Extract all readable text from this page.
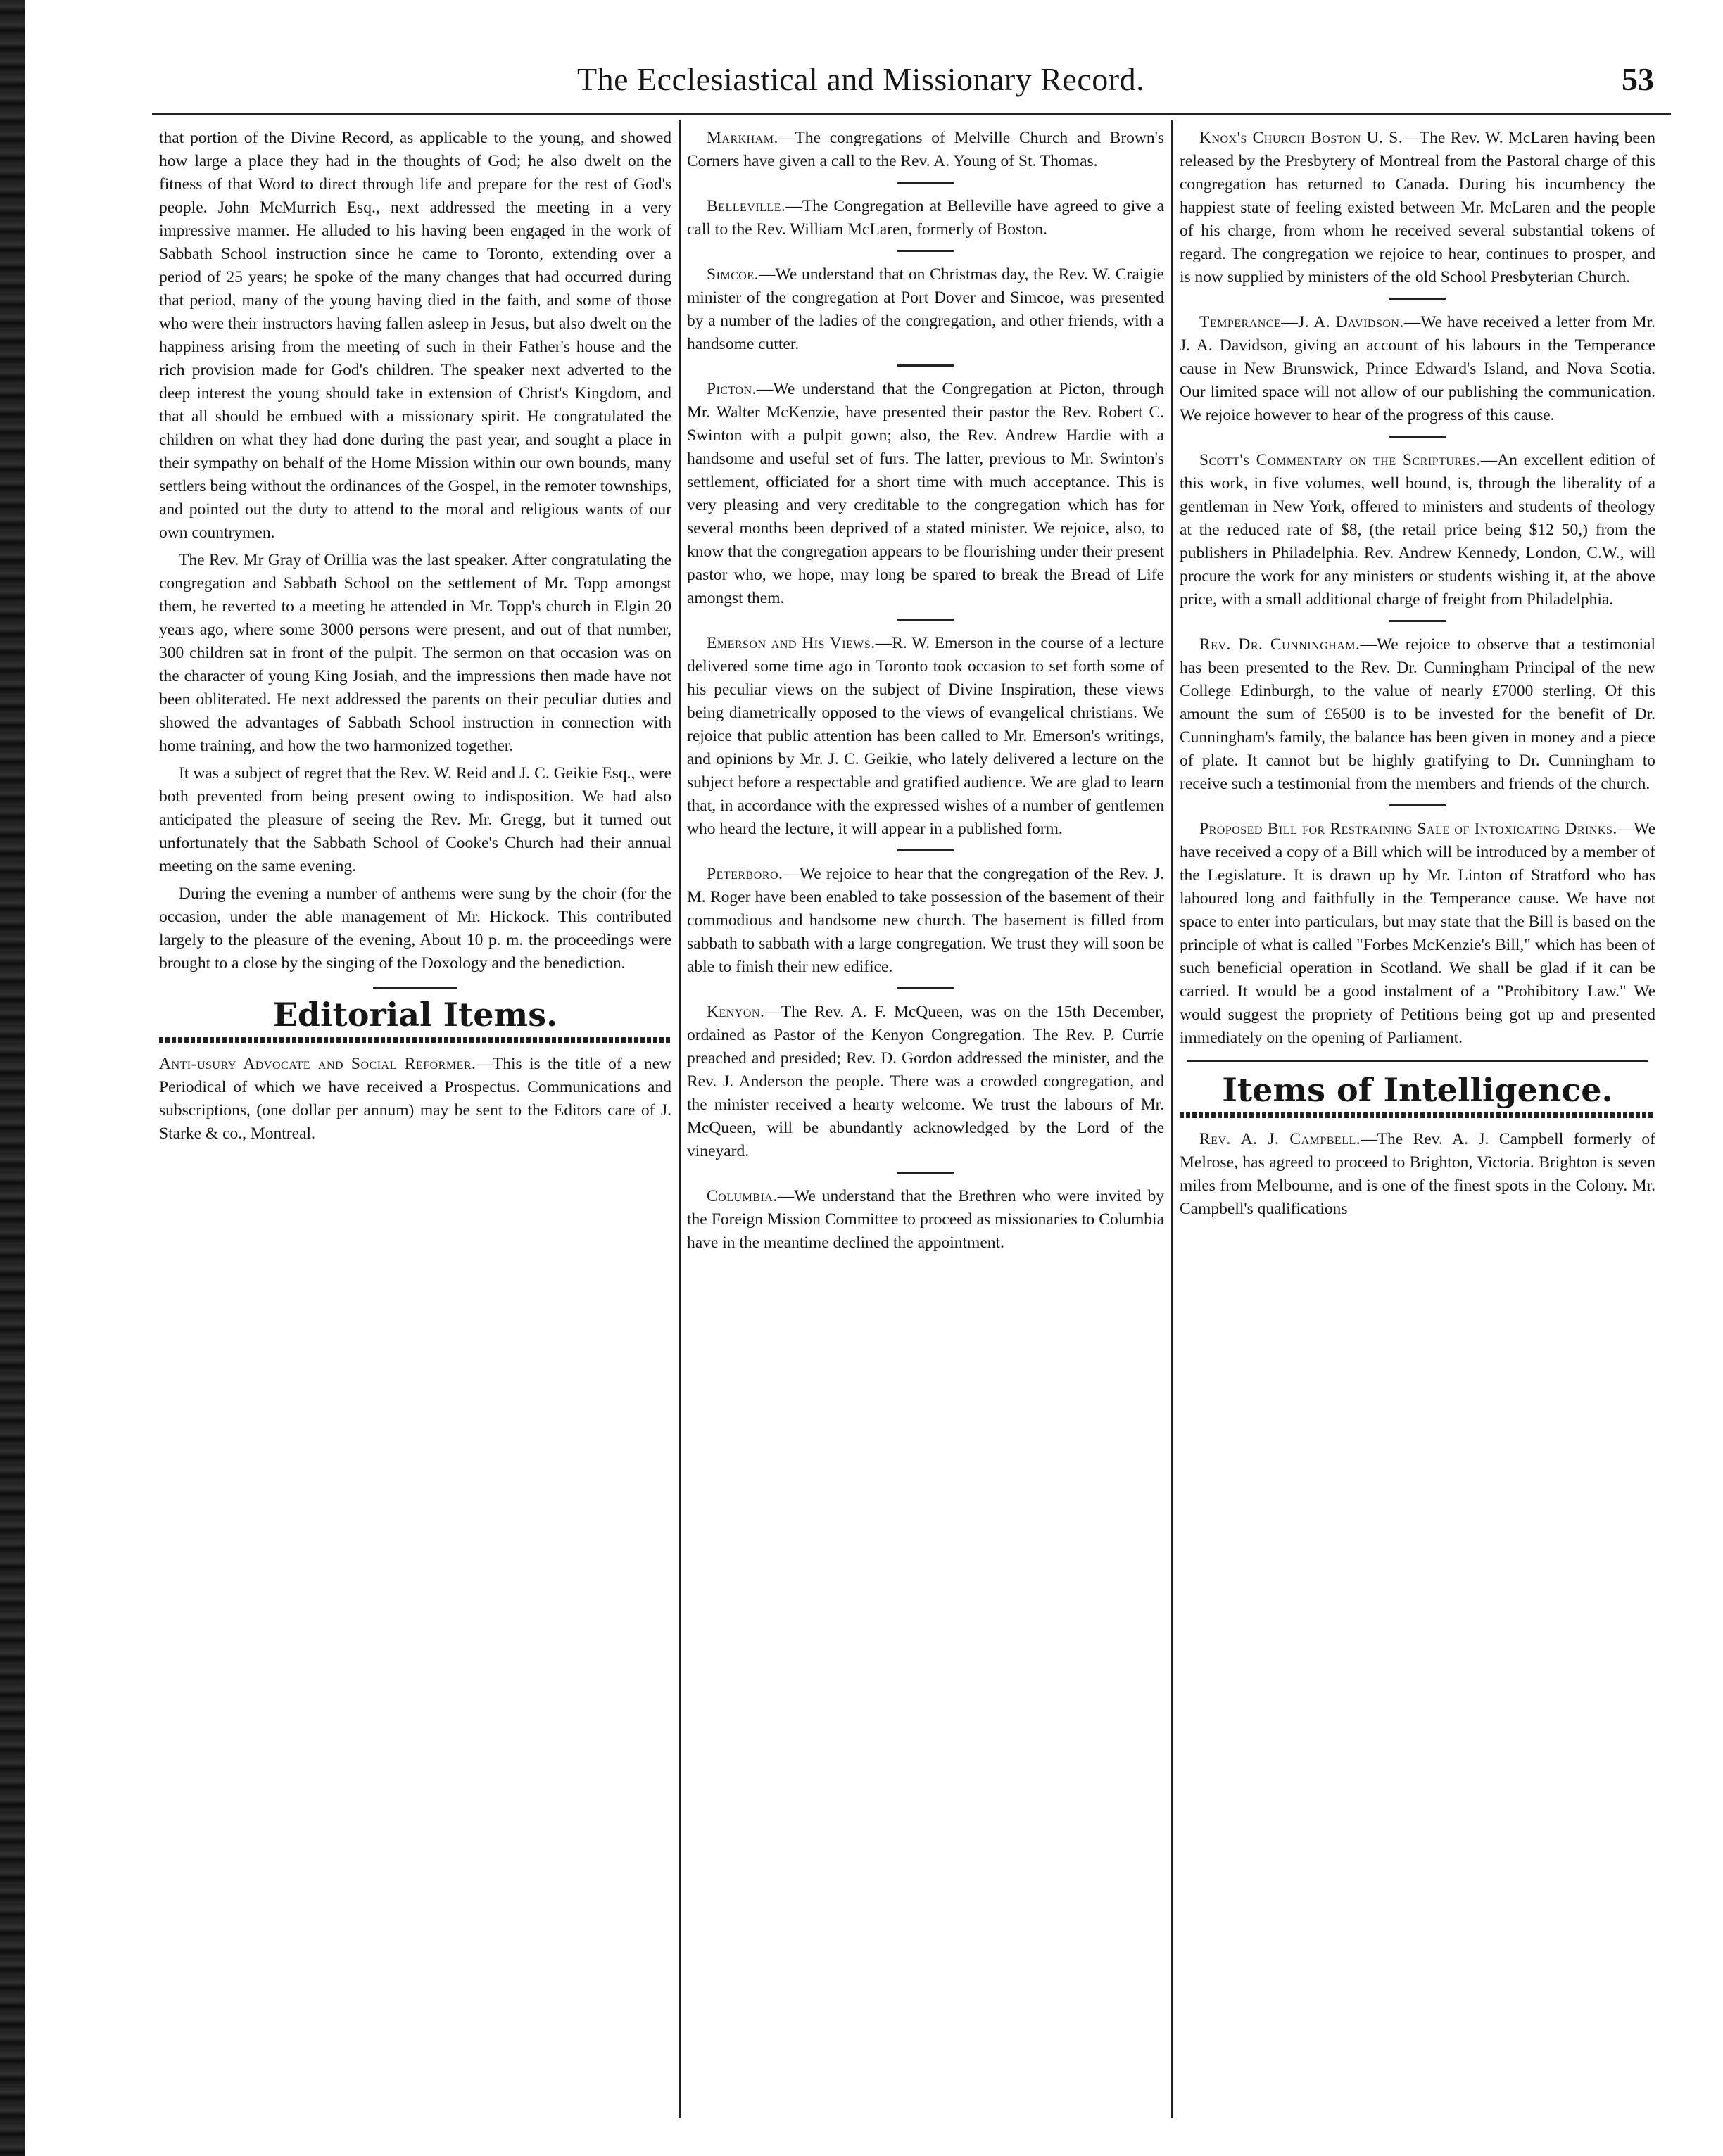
The Ecclesiastical and Missionary Record.	53

that portion of the Divine Record, as applicable to the young, and showed how large a place they had in the thoughts of God; he also dwelt on the fitness of that Word to direct through life and prepare for the rest of God's people. John McMurrich Esq., next addressed the meeting in a very impressive manner. He alluded to his having been engaged in the work of Sabbath School instruction since he came to Toronto, extending over a period of 25 years; he spoke of the many changes that had occurred during that period, many of the young having died in the faith, and some of those who were their instructors having fallen asleep in Jesus, but also dwelt on the happiness arising from the meeting of such in their Father's house and the rich provision made for God's children. The speaker next adverted to the deep interest the young should take in extension of Christ's Kingdom, and that all should be embued with a missionary spirit. He congratulated the children on what they had done during the past year, and sought a place in their sympathy on behalf of the Home Mission within our own bounds, many settlers being without the ordinances of the Gospel, in the remoter townships, and pointed out the duty to attend to the moral and religious wants of our own countrymen.

The Rev. Mr Gray of Orillia was the last speaker. After congratulating the congregation and Sabbath School on the settlement of Mr. Topp amongst them, he reverted to a meeting he attended in Mr. Topp's church in Elgin 20 years ago, where some 3000 persons were present, and out of that number, 300 children sat in front of the pulpit. The sermon on that occasion was on the character of young King Josiah, and the impressions then made have not been obliterated. He next addressed the parents on their peculiar duties and showed the advantages of Sabbath School instruction in connection with home training, and how the two harmonized together.

It was a subject of regret that the Rev. W. Reid and J. C. Geikie Esq., were both prevented from being present owing to indisposition. We had also anticipated the pleasure of seeing the Rev. Mr. Gregg, but it turned out unfortunately that the Sabbath School of Cooke's Church had their annual meeting on the same evening.

During the evening a number of anthems were sung by the choir (for the occasion, under the able management of Mr. Hickock. This contributed largely to the pleasure of the evening, About 10 p. m. the proceedings were brought to a close by the singing of the Doxology and the benediction.

Editorial Items.

Anti-usury Advocate and Social Reformer.—This is the title of a new Periodical of which we have received a Prospectus. Communications and subscriptions, (one dollar per annum) may be sent to the Editors care of J. Starke & co., Montreal.

Markham.—The congregations of Melville Church and Brown's Corners have given a call to the Rev. A. Young of St. Thomas.

Belleville.—The Congregation at Belleville have agreed to give a call to the Rev. William McLaren, formerly of Boston.

Simcoe.—We understand that on Christmas day, the Rev. W. Craigie minister of the congregation at Port Dover and Simcoe, was presented by a number of the ladies of the congregation, and other friends, with a handsome cutter.

Picton.—We understand that the Congregation at Picton, through Mr. Walter McKenzie, have presented their pastor the Rev. Robert C. Swinton with a pulpit gown; also, the Rev. Andrew Hardie with a handsome and useful set of furs. The latter, previous to Mr. Swinton's settlement, officiated for a short time with much acceptance. This is very pleasing and very creditable to the congregation which has for several months been deprived of a stated minister. We rejoice, also, to know that the congregation appears to be flourishing under their present pastor who, we hope, may long be spared to break the Bread of Life amongst them.

Emerson and His Views.—R. W. Emerson in the course of a lecture delivered some time ago in Toronto took occasion to set forth some of his peculiar views on the subject of Divine Inspiration, these views being diametrically opposed to the views of evangelical christians. We rejoice that public attention has been called to Mr. Emerson's writings, and opinions by Mr. J. C. Geikie, who lately delivered a lecture on the subject before a respectable and gratified audience. We are glad to learn that, in accordance with the expressed wishes of a number of gentlemen who heard the lecture, it will appear in a published form.

Peterboro.—We rejoice to hear that the congregation of the Rev. J. M. Roger have been enabled to take possession of the basement of their commodious and handsome new church. The basement is filled from sabbath to sabbath with a large congregation. We trust they will soon be able to finish their new edifice.

Kenyon.—The Rev. A. F. McQueen, was on the 15th December, ordained as Pastor of the Kenyon Congregation. The Rev. P. Currie preached and presided; Rev. D. Gordon addressed the minister, and the Rev. J. Anderson the people. There was a crowded congregation, and the minister received a hearty welcome. We trust the labours of Mr. McQueen, will be abundantly acknowledged by the Lord of the vineyard.

Columbia.—We understand that the Brethren who were invited by the Foreign Mission Committee to proceed as missionaries to Columbia have in the meantime declined the appointment.

Knox's Church Boston U. S.—The Rev. W. McLaren having been released by the Presbytery of Montreal from the Pastoral charge of this congregation has returned to Canada. During his incumbency the happiest state of feeling existed between Mr. McLaren and the people of his charge, from whom he received several substantial tokens of regard. The congregation we rejoice to hear, continues to prosper, and is now supplied by ministers of the old School Presbyterian Church.

Temperance—J. A. Davidson.—We have received a letter from Mr. J. A. Davidson, giving an account of his labours in the Temperance cause in New Brunswick, Prince Edward's Island, and Nova Scotia. Our limited space will not allow of our publishing the communication. We rejoice however to hear of the progress of this cause.

Scott's Commentary on the Scriptures.—An excellent edition of this work, in five volumes, well bound, is, through the liberality of a gentleman in New York, offered to ministers and students of theology at the reduced rate of $8, (the retail price being $12 50,) from the publishers in Philadelphia. Rev. Andrew Kennedy, London, C.W., will procure the work for any ministers or students wishing it, at the above price, with a small additional charge of freight from Philadelphia.

Rev. Dr. Cunningham.—We rejoice to observe that a testimonial has been presented to the Rev. Dr. Cunningham Principal of the new College Edinburgh, to the value of nearly £7000 sterling. Of this amount the sum of £6500 is to be invested for the benefit of Dr. Cunningham's family, the balance has been given in money and a piece of plate. It cannot but be highly gratifying to Dr. Cunningham to receive such a testimonial from the members and friends of the church.

Proposed Bill for Restraining Sale of Intoxicating Drinks.—We have received a copy of a Bill which will be introduced by a member of the Legislature. It is drawn up by Mr. Linton of Stratford who has laboured long and faithfully in the Temperance cause. We have not space to enter into particulars, but may state that the Bill is based on the principle of what is called "Forbes McKenzie's Bill," which has been of such beneficial operation in Scotland. We shall be glad if it can be carried. It would be a good instalment of a "Prohibitory Law." We would suggest the propriety of Petitions being got up and presented immediately on the opening of Parliament.

Items of Intelligence.

Rev. A. J. Campbell.—The Rev. A. J. Campbell formerly of Melrose, has agreed to proceed to Brighton, Victoria. Brighton is seven miles from Melbourne, and is one of the finest spots in the Colony. Mr. Campbell's qualifications
